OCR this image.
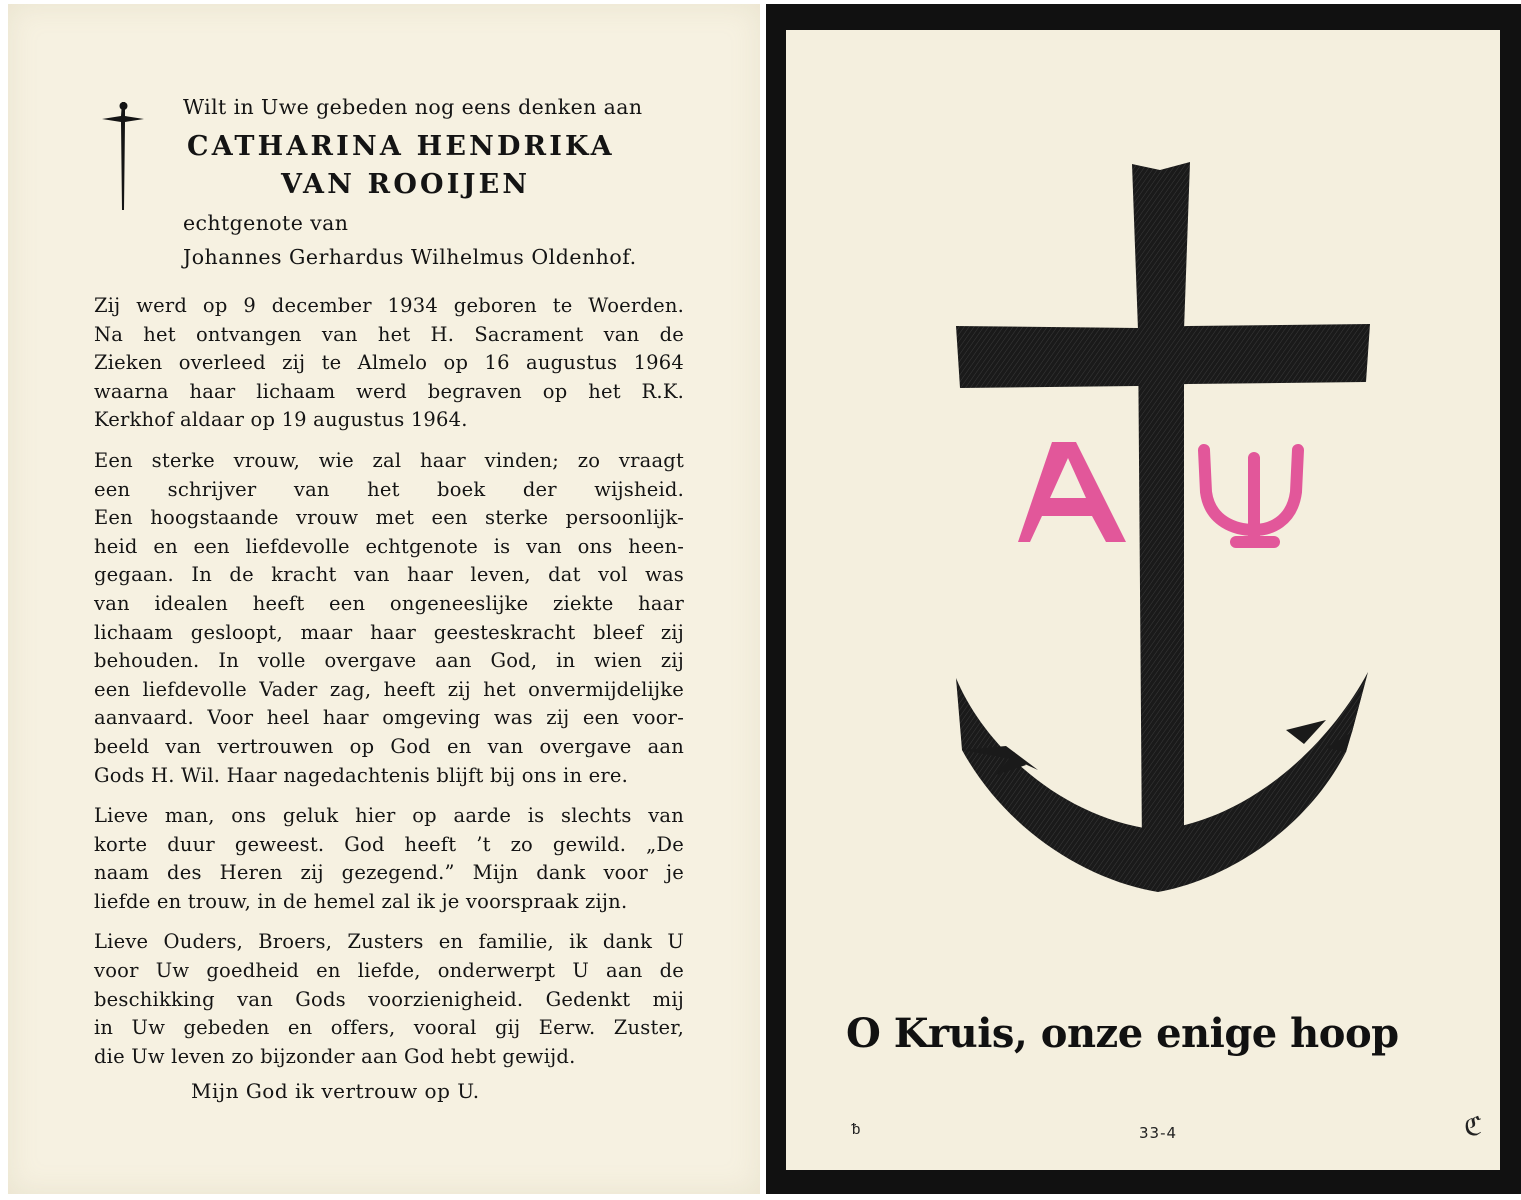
Wilt in Uwe gebeden nog eens denken aan
CATHARINA HENDRIKA
VAN ROOIJEN
echtgenote van
Johannes Gerhardus Wilhelmus Oldenhof.
Zij werd op 9 december 1934 geboren te Woerden.
Na het ontvangen van het H. Sacrament van de
Zieken overleed zij te Almelo op 16 augustus 1964
waarna haar lichaam werd begraven op het R.K.
Kerkhof aldaar op 19 augustus 1964.
Een sterke vrouw, wie zal haar vinden; zo vraagt
een schrijver van het boek der wijsheid.
Een hoogstaande vrouw met een sterke persoonlijk-
heid en een liefdevolle echtgenote is van ons heen-
gegaan. In de kracht van haar leven, dat vol was
van idealen heeft een ongeneeslijke ziekte haar
lichaam gesloopt, maar haar geesteskracht bleef zij
behouden. In volle overgave aan God, in wien zij
een liefdevolle Vader zag, heeft zij het onvermijdelijke
aanvaard. Voor heel haar omgeving was zij een voor-
beeld van vertrouwen op God en van overgave aan
Gods H. Wil. Haar nagedachtenis blijft bij ons in ere.
Lieve man, ons geluk hier op aarde is slechts van
korte duur geweest. God heeft ’t zo gewild. „De
naam des Heren zij gezegend.” Mijn dank voor je
liefde en trouw, in de hemel zal ik je voorspraak zijn.
Lieve Ouders, Broers, Zusters en familie, ik dank U
voor Uw goedheid en liefde, onderwerpt U aan de
beschikking van Gods voorzienigheid. Gedenkt mij
in Uw gebeden en offers, vooral gij Eerw. Zuster,
die Uw leven zo bijzonder aan God hebt gewijd.
Mijn God ik vertrouw op U.
O Kruis, onze enige hoop
ᵬ	33-4	ℭ
